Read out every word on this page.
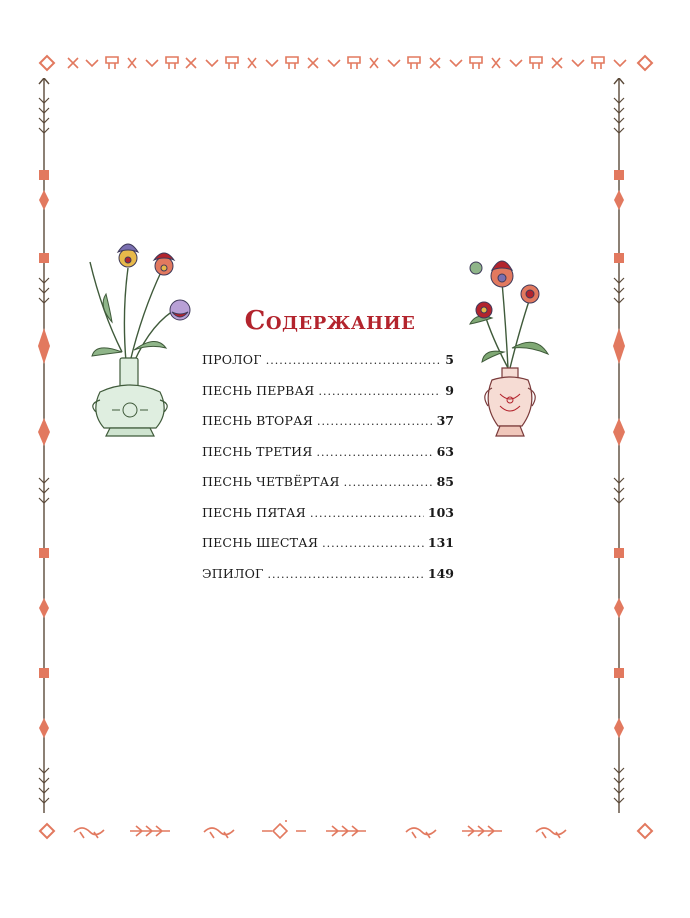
Содержание
ПРОЛОГ .....	5
ПЕСНЬ ПЕРВАЯ .....	9
ПЕСНЬ ВТОРАЯ .....	37
ПЕСНЬ ТРЕТИЯ .....	63
ПЕСНЬ ЧЕТВЁРТАЯ .....	85
ПЕСНЬ ПЯТАЯ .....	103
ПЕСНЬ ШЕСТАЯ .....	131
ЭПИЛОГ .....	149
